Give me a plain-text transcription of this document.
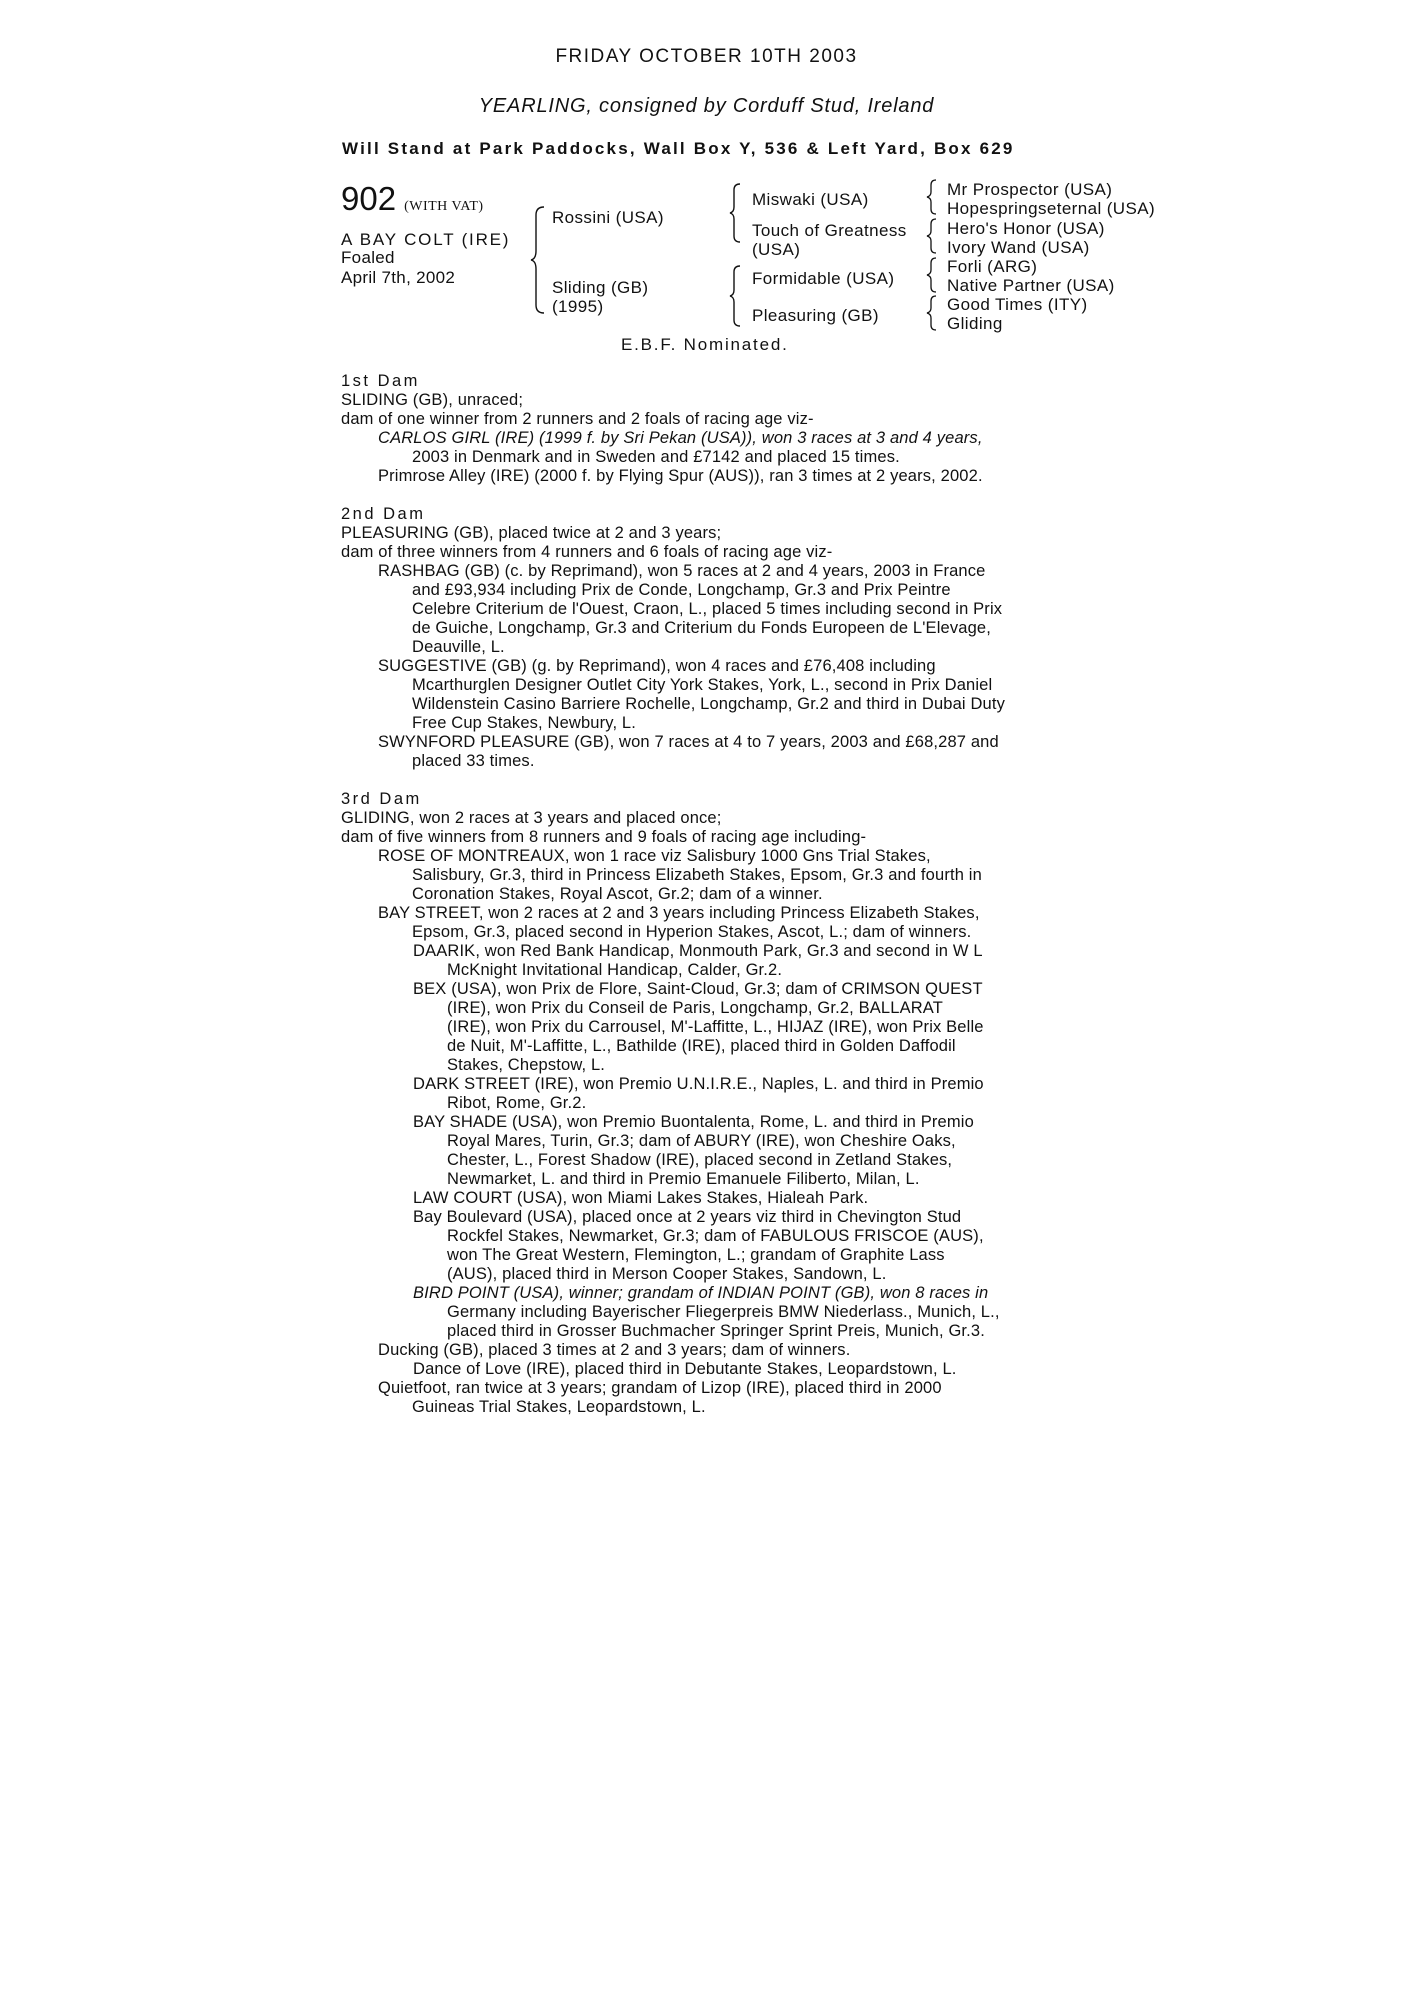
FRIDAY OCTOBER 10TH 2003
YEARLING, consigned by Corduff Stud, Ireland
Will Stand at Park Paddocks, Wall Box Y, 536 & Left Yard, Box 629
902 (WITH VAT)
A BAY COLT (IRE)
Foaled
April 7th, 2002
Rossini (USA)
Sliding (GB)
(1995)
Miswaki (USA)
Touch of Greatness
(USA)
Formidable (USA)
Pleasuring (GB)
Mr Prospector (USA)
Hopespringseternal (USA)
Hero's Honor (USA)
Ivory Wand (USA)
Forli (ARG)
Native Partner (USA)
Good Times (ITY)
Gliding
E.B.F. Nominated.
1st Dam
SLIDING (GB), unraced;
dam of one winner from 2 runners and 2 foals of racing age viz-
CARLOS GIRL (IRE) (1999 f. by Sri Pekan (USA)), won 3 races at 3 and 4 years,
2003 in Denmark and in Sweden and £7142 and placed 15 times.
Primrose Alley (IRE) (2000 f. by Flying Spur (AUS)), ran 3 times at 2 years, 2002.
2nd Dam
PLEASURING (GB), placed twice at 2 and 3 years;
dam of three winners from 4 runners and 6 foals of racing age viz-
RASHBAG (GB) (c. by Reprimand), won 5 races at 2 and 4 years, 2003 in France
and £93,934 including Prix de Conde, Longchamp, Gr.3 and Prix Peintre
Celebre Criterium de l'Ouest, Craon, L., placed 5 times including second in Prix
de Guiche, Longchamp, Gr.3 and Criterium du Fonds Europeen de L'Elevage,
Deauville, L.
SUGGESTIVE (GB) (g. by Reprimand), won 4 races and £76,408 including
Mcarthurglen Designer Outlet City York Stakes, York, L., second in Prix Daniel
Wildenstein Casino Barriere Rochelle, Longchamp, Gr.2 and third in Dubai Duty
Free Cup Stakes, Newbury, L.
SWYNFORD PLEASURE (GB), won 7 races at 4 to 7 years, 2003 and £68,287 and
placed 33 times.
3rd Dam
GLIDING, won 2 races at 3 years and placed once;
dam of five winners from 8 runners and 9 foals of racing age including-
ROSE OF MONTREAUX, won 1 race viz Salisbury 1000 Gns Trial Stakes,
Salisbury, Gr.3, third in Princess Elizabeth Stakes, Epsom, Gr.3 and fourth in
Coronation Stakes, Royal Ascot, Gr.2; dam of a winner.
BAY STREET, won 2 races at 2 and 3 years including Princess Elizabeth Stakes,
Epsom, Gr.3, placed second in Hyperion Stakes, Ascot, L.; dam of winners.
DAARIK, won Red Bank Handicap, Monmouth Park, Gr.3 and second in W L
McKnight Invitational Handicap, Calder, Gr.2.
BEX (USA), won Prix de Flore, Saint-Cloud, Gr.3; dam of CRIMSON QUEST
(IRE), won Prix du Conseil de Paris, Longchamp, Gr.2, BALLARAT
(IRE), won Prix du Carrousel, M'-Laffitte, L., HIJAZ (IRE), won Prix Belle
de Nuit, M'-Laffitte, L., Bathilde (IRE), placed third in Golden Daffodil
Stakes, Chepstow, L.
DARK STREET (IRE), won Premio U.N.I.R.E., Naples, L. and third in Premio
Ribot, Rome, Gr.2.
BAY SHADE (USA), won Premio Buontalenta, Rome, L. and third in Premio
Royal Mares, Turin, Gr.3; dam of ABURY (IRE), won Cheshire Oaks,
Chester, L., Forest Shadow (IRE), placed second in Zetland Stakes,
Newmarket, L. and third in Premio Emanuele Filiberto, Milan, L.
LAW COURT (USA), won Miami Lakes Stakes, Hialeah Park.
Bay Boulevard (USA), placed once at 2 years viz third in Chevington Stud
Rockfel Stakes, Newmarket, Gr.3; dam of FABULOUS FRISCOE (AUS),
won The Great Western, Flemington, L.; grandam of Graphite Lass
(AUS), placed third in Merson Cooper Stakes, Sandown, L.
BIRD POINT (USA), winner; grandam of INDIAN POINT (GB), won 8 races in
Germany including Bayerischer Fliegerpreis BMW Niederlass., Munich, L.,
placed third in Grosser Buchmacher Springer Sprint Preis, Munich, Gr.3.
Ducking (GB), placed 3 times at 2 and 3 years; dam of winners.
Dance of Love (IRE), placed third in Debutante Stakes, Leopardstown, L.
Quietfoot, ran twice at 3 years; grandam of Lizop (IRE), placed third in 2000
Guineas Trial Stakes, Leopardstown, L.
